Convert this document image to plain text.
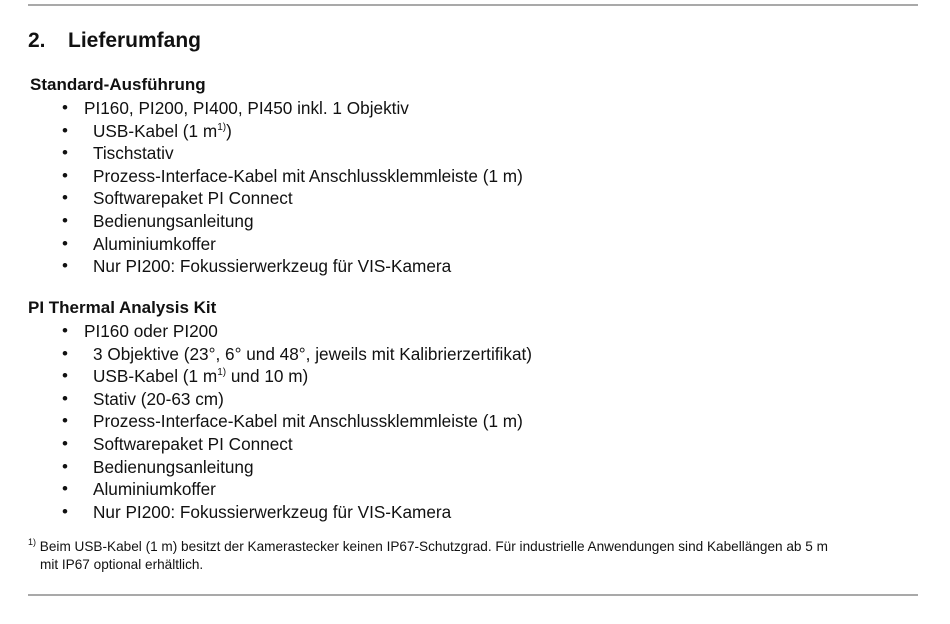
2. Lieferumfang
Standard-Ausführung
• PI160, PI200, PI400, PI450 inkl. 1 Objektiv
• USB-Kabel (1 $m^{1)}$)
• Tischstativ
• Prozess-Interface-Kabel mit Anschlussklemmleiste (1 m)
• Softwarepaket PI Connect
• Bedienungsanleitung
• Aluminiumkoffer
• Nur PI200: Fokussierwerkzeug für VIS-Kamera
PI Thermal Analysis Kit
• PI160 oder PI200
• 3 Objektive (23°, 6° und 48°, jeweils mit Kalibrierzertifikat)
• USB-Kabel (1 $m^{1)}$ und 10 m)
• Stativ (20-63 cm)
• Prozess-Interface-Kabel mit Anschlussklemmleiste (1 m)
• Softwarepaket PI Connect
• Bedienungsanleitung
• Aluminiumkoffer
• Nur PI200: Fokussierwerkzeug für VIS-Kamera
$^{1)}$ Beim USB-Kabel (1 m) besitzt der Kamerastecker keinen IP67-Schutzgrad. Für industrielle Anwendungen sind Kabellängen ab 5 m
mit IP67 optional erhältlich.
